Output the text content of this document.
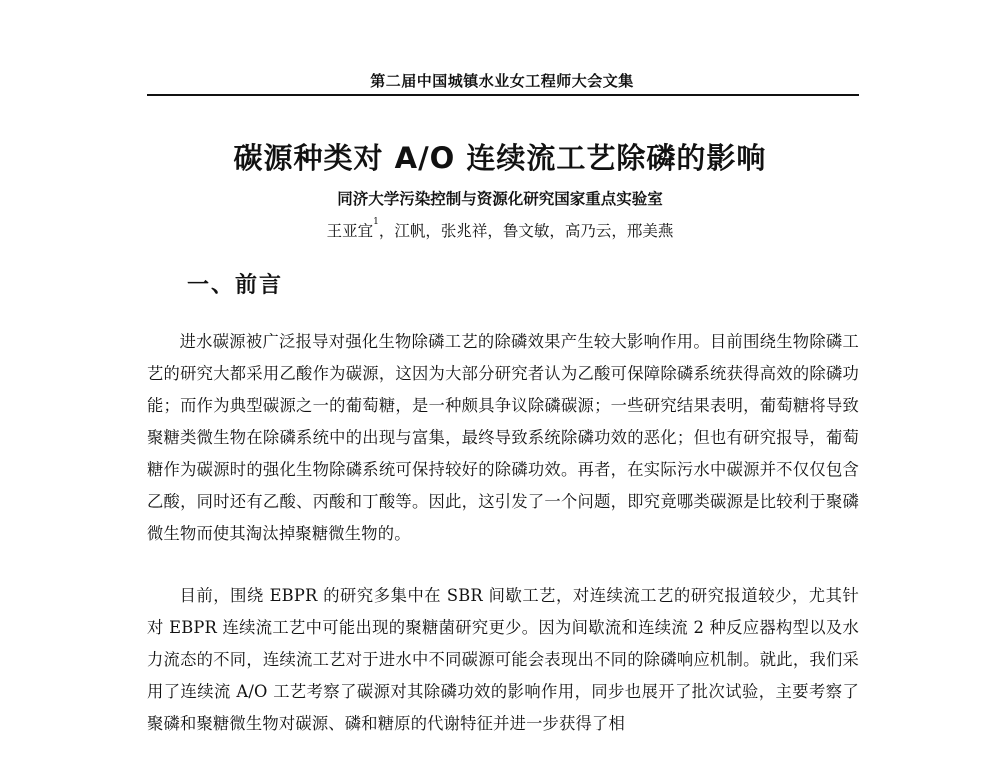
第二届中国城镇水业女工程师大会文集
碳源种类对 A/O 连续流工艺除磷的影响
同济大学污染控制与资源化研究国家重点实验室
王亚宜$^1$，江帆，张兆祥，鲁文敏，高乃云，邢美燕
一、前言

进水碳源被广泛报导对强化生物除磷工艺的除磷效果产生较大影响作用。目前围绕生物除磷工艺的研究大都采用乙酸作为碳源，这因为大部分研究者认为乙酸可保障除磷系统获得高效的除磷功能；而作为典型碳源之一的葡萄糖，是一种颇具争议除磷碳源；一些研究结果表明，葡萄糖将导致聚糖类微生物在除磷系统中的出现与富集，最终导致系统除磷功效的恶化；但也有研究报导，葡萄糖作为碳源时的强化生物除磷系统可保持较好的除磷功效。再者，在实际污水中碳源并不仅仅包含乙酸，同时还有乙酸、丙酸和丁酸等。因此，这引发了一个问题，即究竟哪类碳源是比较利于聚磷微生物而使其淘汰掉聚糖微生物的。

目前，围绕 EBPR 的研究多集中在 SBR 间歇工艺，对连续流工艺的研究报道较少，尤其针对 EBPR 连续流工艺中可能出现的聚糖菌研究更少。因为间歇流和连续流 2 种反应器构型以及水力流态的不同，连续流工艺对于进水中不同碳源可能会表现出不同的除磷响应机制。就此，我们采用了连续流 A/O 工艺考察了碳源对其除磷功效的影响作用，同步也展开了批次试验，主要考察了聚磷和聚糖微生物对碳源、磷和糖原的代谢特征并进一步获得了相
